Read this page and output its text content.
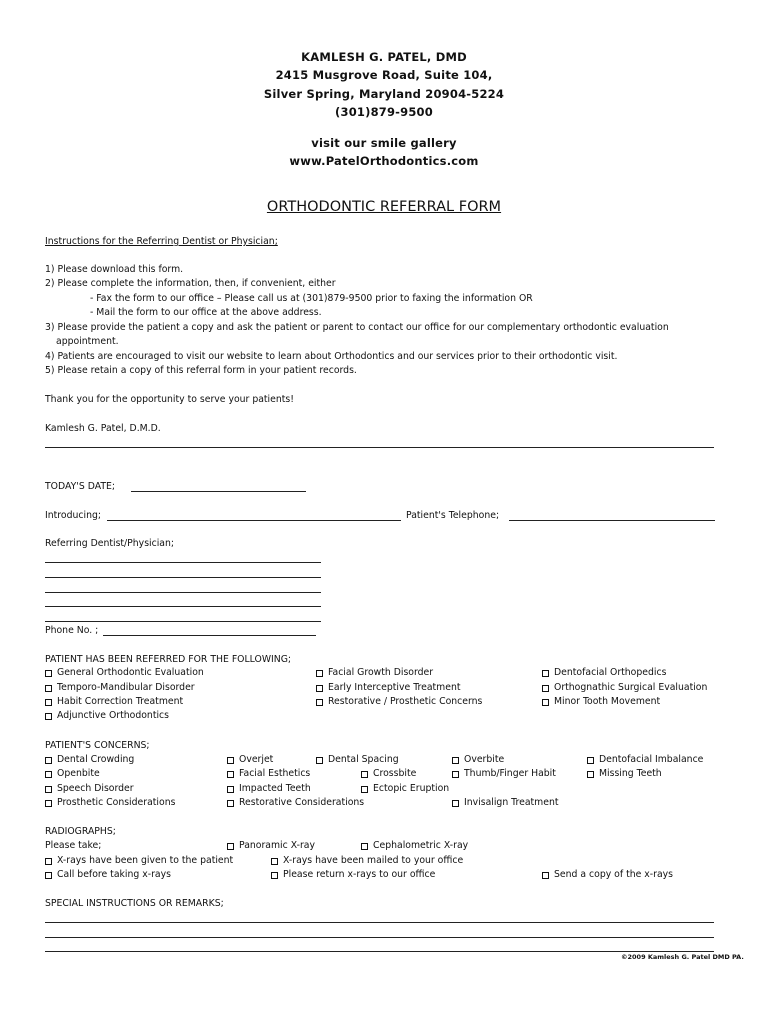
KAMLESH G. PATEL, DMD
2415 Musgrove Road, Suite 104,
Silver Spring, Maryland 20904-5224
(301)879-9500
visit our smile gallery
www.PatelOrthodontics.com
ORTHODONTIC REFERRAL FORM
Instructions for the Referring Dentist or Physician;
1) Please download this form.
2) Please complete the information, then, if convenient, either
- Fax the form to our office – Please call us at (301)879-9500 prior to faxing the information OR
- Mail the form to our office at the above address.
3) Please provide the patient a copy and ask the patient or parent to contact our office for our complementary orthodontic evaluation
appointment.
4) Patients are encouraged to visit our website to learn about Orthodontics and our services prior to their orthodontic visit.
5) Please retain a copy of this referral form in your patient records.
Thank you for the opportunity to serve your patients!
Kamlesh G. Patel, D.M.D.
TODAY'S DATE;
Introducing;	Patient's Telephone;
Referring Dentist/Physician;
Phone No. ;
PATIENT HAS BEEN REFERRED FOR THE FOLLOWING;
General Orthodontic Evaluation	Facial Growth Disorder	Dentofacial Orthopedics
Temporo-Mandibular Disorder	Early Interceptive Treatment	Orthognathic Surgical Evaluation
Habit Correction Treatment	Restorative / Prosthetic Concerns	Minor Tooth Movement
Adjunctive Orthodontics
PATIENT'S CONCERNS;
Dental Crowding	Overjet	Dental Spacing	Overbite	Dentofacial Imbalance
Openbite	Facial Esthetics	Crossbite	Thumb/Finger Habit	Missing Teeth
Speech Disorder	Impacted Teeth	Ectopic Eruption
Prosthetic Considerations	Restorative Considerations	Invisalign Treatment
RADIOGRAPHS;
Please take;	Panoramic X-ray	Cephalometric X-ray
X-rays have been given to the patient	X-rays have been mailed to your office
Call before taking x-rays	Please return x-rays to our office	Send a copy of the x-rays
SPECIAL INSTRUCTIONS OR REMARKS;
©2009 Kamlesh G. Patel DMD PA.
